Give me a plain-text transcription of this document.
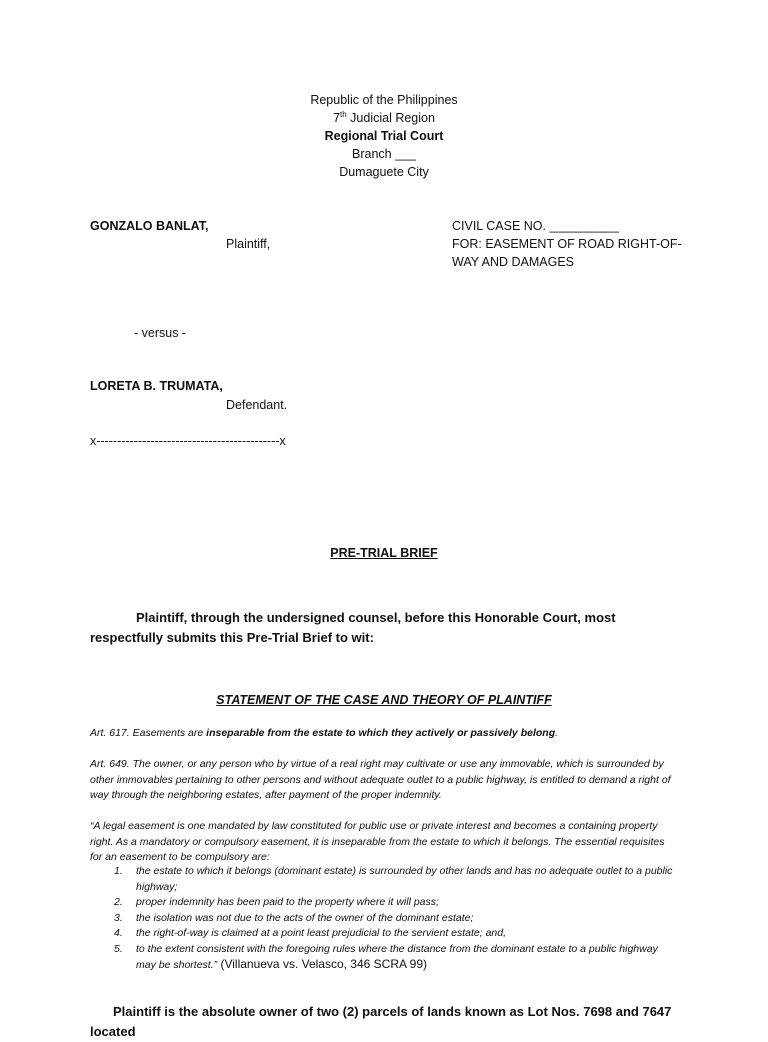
Republic of the Philippines
7th Judicial Region
Regional Trial Court
Branch ___
Dumaguete City
GONZALO BANLAT,
Plaintiff,
- versus -
LORETA B. TRUMATA,
Defendant.
x--------------------------------------------x
CIVIL CASE NO. __________
FOR: EASEMENT OF ROAD RIGHT-OF-
WAY AND DAMAGES
PRE-TRIAL BRIEF
Plaintiff, through the undersigned counsel, before this Honorable Court, most respectfully submits this Pre-Trial Brief to wit:
STATEMENT OF THE CASE AND THEORY OF PLAINTIFF
Art. 617. Easements are inseparable from the estate to which they actively or passively belong.
Art. 649. The owner, or any person who by virtue of a real right may cultivate or use any immovable, which is surrounded by other immovables pertaining to other persons and without adequate outlet to a public highway, is entitled to demand a right of way through the neighboring estates, after payment of the proper indemnity.
“A legal easement is one mandated by law constituted for public use or private interest and becomes a containing property right. As a mandatory or compulsory easement, it is inseparable from the estate to which it belongs. The essential requisites for an easement to be compulsory are:
1. the estate to which it belongs (dominant estate) is surrounded by other lands and has no adequate outlet to a public highway;
2. proper indemnity has been paid to the property where it will pass;
3. the isolation was not due to the acts of the owner of the dominant estate;
4. the right-of-way is claimed at a point least prejudicial to the servient estate; and,
5. to the extent consistent with the foregoing rules where the distance from the dominant estate to a public highway may be shortest.” (Villanueva vs. Velasco, 346 SCRA 99)
Plaintiff is the absolute owner of two (2) parcels of lands known as Lot Nos. 7698 and 7647 located
